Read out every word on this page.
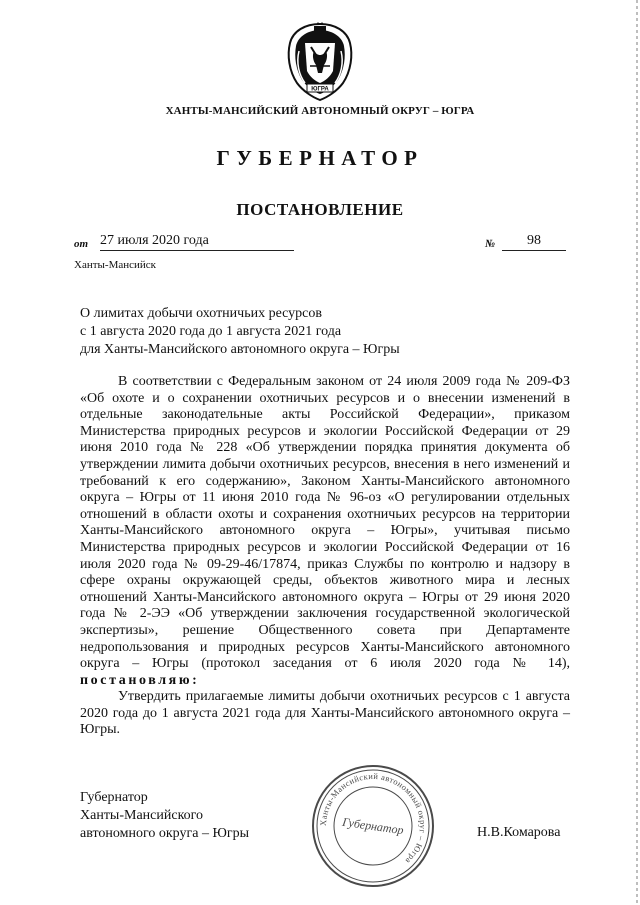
ЮГРА
ХАНТЫ-МАНСИЙСКИЙ АВТОНОМНЫЙ ОКРУГ – ЮГРА
ГУБЕРНАТОР
ПОСТАНОВЛЕНИЕ
от 27 июля 2020 года	№	98
Ханты-Мансийск
О лимитах добычи охотничьих ресурсов
с 1 августа 2020 года до 1 августа 2021 года
для Ханты-Мансийского автономного округа – Югры

В соответствии с Федеральным законом от 24 июля 2009 года № 209-ФЗ «Об охоте и о сохранении охотничьих ресурсов и о внесении изменений в отдельные законодательные акты Российской Федерации», приказом Министерства природных ресурсов и экологии Российской Федерации от 29 июня 2010 года № 228 «Об утверждении порядка принятия документа об утверждении лимита добычи охотничьих ресурсов, внесения в него изменений и требований к его содержанию», Законом Ханты-Мансийского автономного округа – Югры от 11 июня 2010 года № 96-оз «О регулировании отдельных отношений в области охоты и сохранения охотничьих ресурсов на территории Ханты-Мансийского автономного округа – Югры», учитывая письмо Министерства природных ресурсов и экологии Российской Федерации от 16 июля 2020 года № 09-29-46/17874, приказ Службы по контролю и надзору в сфере охраны окружающей среды, объектов животного мира и лесных отношений Ханты-Мансийского автономного округа – Югры от 29 июня 2020 года № 2-ЭЭ «Об утверждении заключения государственной экологической экспертизы», решение Общественного совета при Департаменте недропользования и природных ресурсов Ханты-Мансийского автономного округа – Югры (протокол заседания от 6 июля 2020 года № 14), постановляю:

Утвердить прилагаемые лимиты добычи охотничьих ресурсов с 1 августа 2020 года до 1 августа 2021 года для Ханты-Мансийского автономного округа – Югры.

Губернатор
Ханты-Мансийского
автономного округа – Югры	Н.В.Комарова
Ханты-Мансийский автономный округ – Югра
Губернатор
